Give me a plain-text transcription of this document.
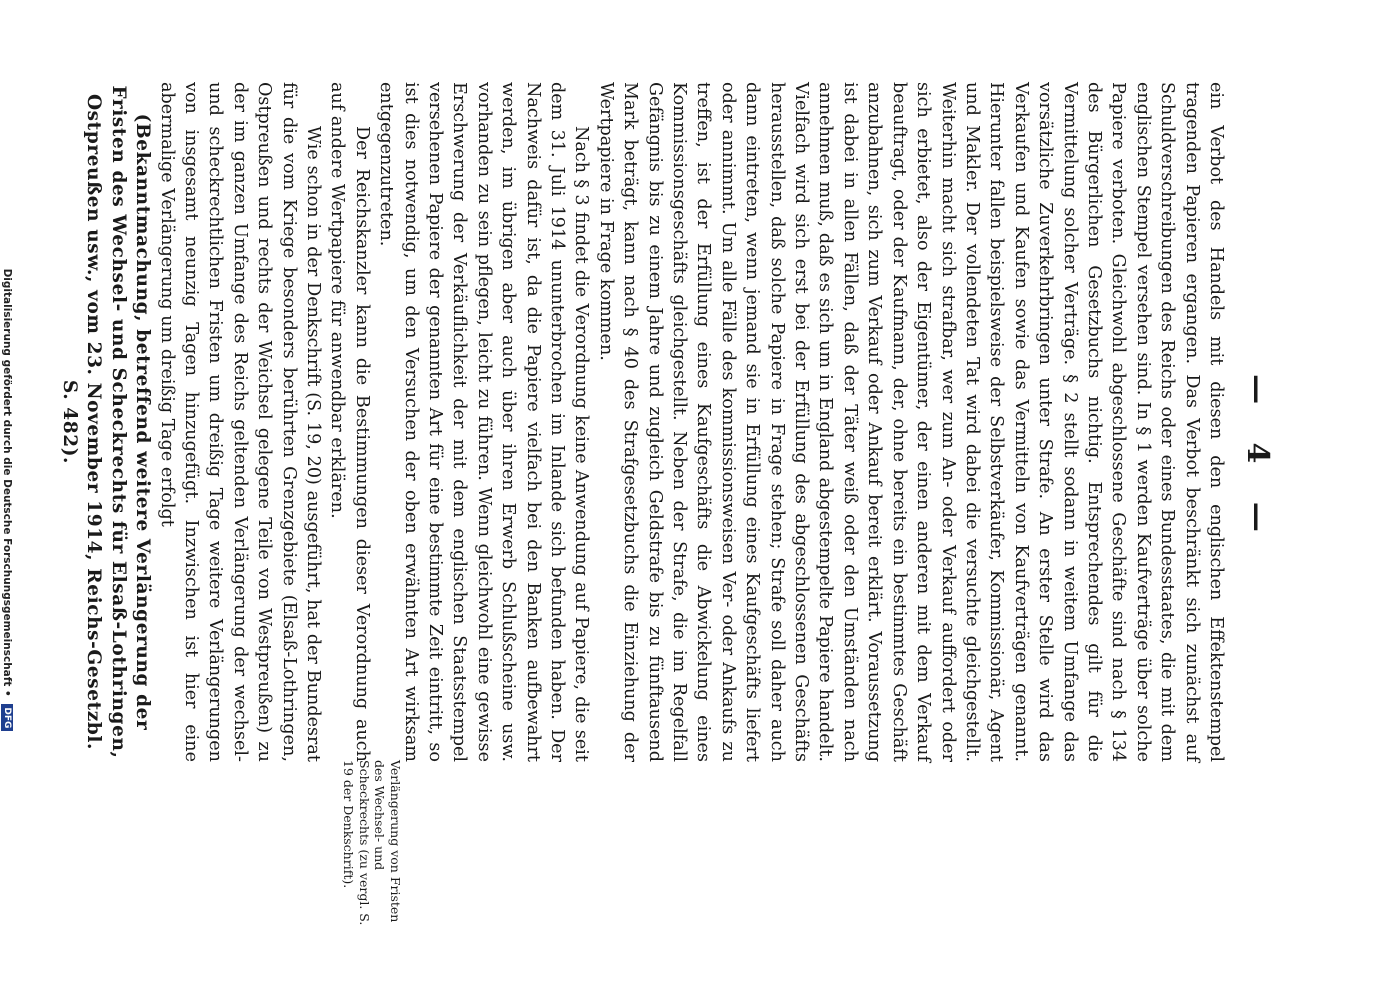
— 4 —

ein Verbot des Handels mit diesen den englischen Effektenstempel tragenden Papieren ergangen. Das Verbot beschränkt sich zunächst auf Schuldverschreibungen des Reichs oder eines Bundesstaates, die mit dem englischen Stempel versehen sind. In § 1 werden Kaufverträge über solche Papiere verboten. Gleichwohl abgeschlossene Geschäfte sind nach § 134 des Bürgerlichen Gesetzbuchs nichtig. Entsprechendes gilt für die Vermittelung solcher Verträge. § 2 stellt sodann in weitem Umfange das vorsätzliche Zuverkehrbringen unter Strafe. An erster Stelle wird das Verkaufen und Kaufen sowie das Vermitteln von Kaufverträgen genannt. Hierunter fallen beispielsweise der Selbstverkäufer, Kommissionär, Agent und Makler. Der vollendeten Tat wird dabei die versuchte gleichgestellt. Weiterhin macht sich strafbar, wer zum An- oder Verkauf auffordert oder sich erbietet, also der Eigentümer, der einen anderen mit dem Verkauf beauftragt, oder der Kaufmann, der, ohne bereits ein bestimmtes Geschäft anzubahnen, sich zum Verkauf oder Ankauf bereit erklärt. Voraussetzung ist dabei in allen Fällen, daß der Täter weiß oder den Umständen nach annehmen muß, daß es sich um in England abgestempelte Papiere handelt. Vielfach wird sich erst bei der Erfüllung des abgeschlossenen Geschäfts herausstellen, daß solche Papiere in Frage stehen; Strafe soll daher auch dann eintreten, wenn jemand sie in Erfüllung eines Kaufgeschäfts liefert oder annimmt. Um alle Fälle des kommissionsweisen Ver- oder Ankaufs zu treffen, ist der Erfüllung eines Kaufgeschäfts die Abwickelung eines Kommissionsgeschäfts gleichgestellt. Neben der Strafe, die im Regelfall Gefängnis bis zu einem Jahre und zugleich Geldstrafe bis zu fünftausend Mark beträgt, kann nach § 40 des Strafgesetzbuchs die Einziehung der Wertpapiere in Frage kommen.

Nach § 3 findet die Verordnung keine Anwendung auf Papiere, die seit dem 31. Juli 1914 ununterbrochen im Inlande sich befunden haben. Der Nachweis dafür ist, da die Papiere vielfach bei den Banken aufbewahrt werden, im übrigen aber auch über ihren Erwerb Schlußscheine usw. vorhanden zu sein pflegen, leicht zu führen. Wenn gleichwohl eine gewisse Erschwerung der Verkäuflichkeit der mit dem englischen Staatsstempel versehenen Papiere der genannten Art für eine bestimmte Zeit eintritt, so ist dies notwendig, um den Versuchen der oben erwähnten Art wirksam entgegenzutreten.

Der Reichskanzler kann die Bestimmungen dieser Verordnung auch auf andere Wertpapiere für anwendbar erklären.

Wie schon in der Denkschrift (S. 19, 20) ausgeführt, hat der Bundesrat für die vom Kriege besonders berührten Grenzgebiete (Elsaß-Lothringen, Ostpreußen und rechts der Weichsel gelegene Teile von Westpreußen) zu der im ganzen Umfange des Reichs geltenden Verlängerung der wechsel- und scheckrechtlichen Fristen um dreißig Tage weitere Verlängerungen von insgesamt neunzig Tagen hinzugefügt. Inzwischen ist hier eine abermalige Verlängerung um dreißig Tage erfolgt

(Bekanntmachung, betreffend weitere Verlängerung der Fristen des Wechsel- und Scheckrechts für Elsaß-Lothringen, Ostpreußen usw., vom 23. November 1914, Reichs-Gesetzbl. S. 482).

Verlängerung von Fristen des Wechsel- und Scheckrechts (zu vergl. S. 19 der Denkschrift).
Digitalisierung gefördert durch die Deutsche Forschungsgemeinschaft • DFG
